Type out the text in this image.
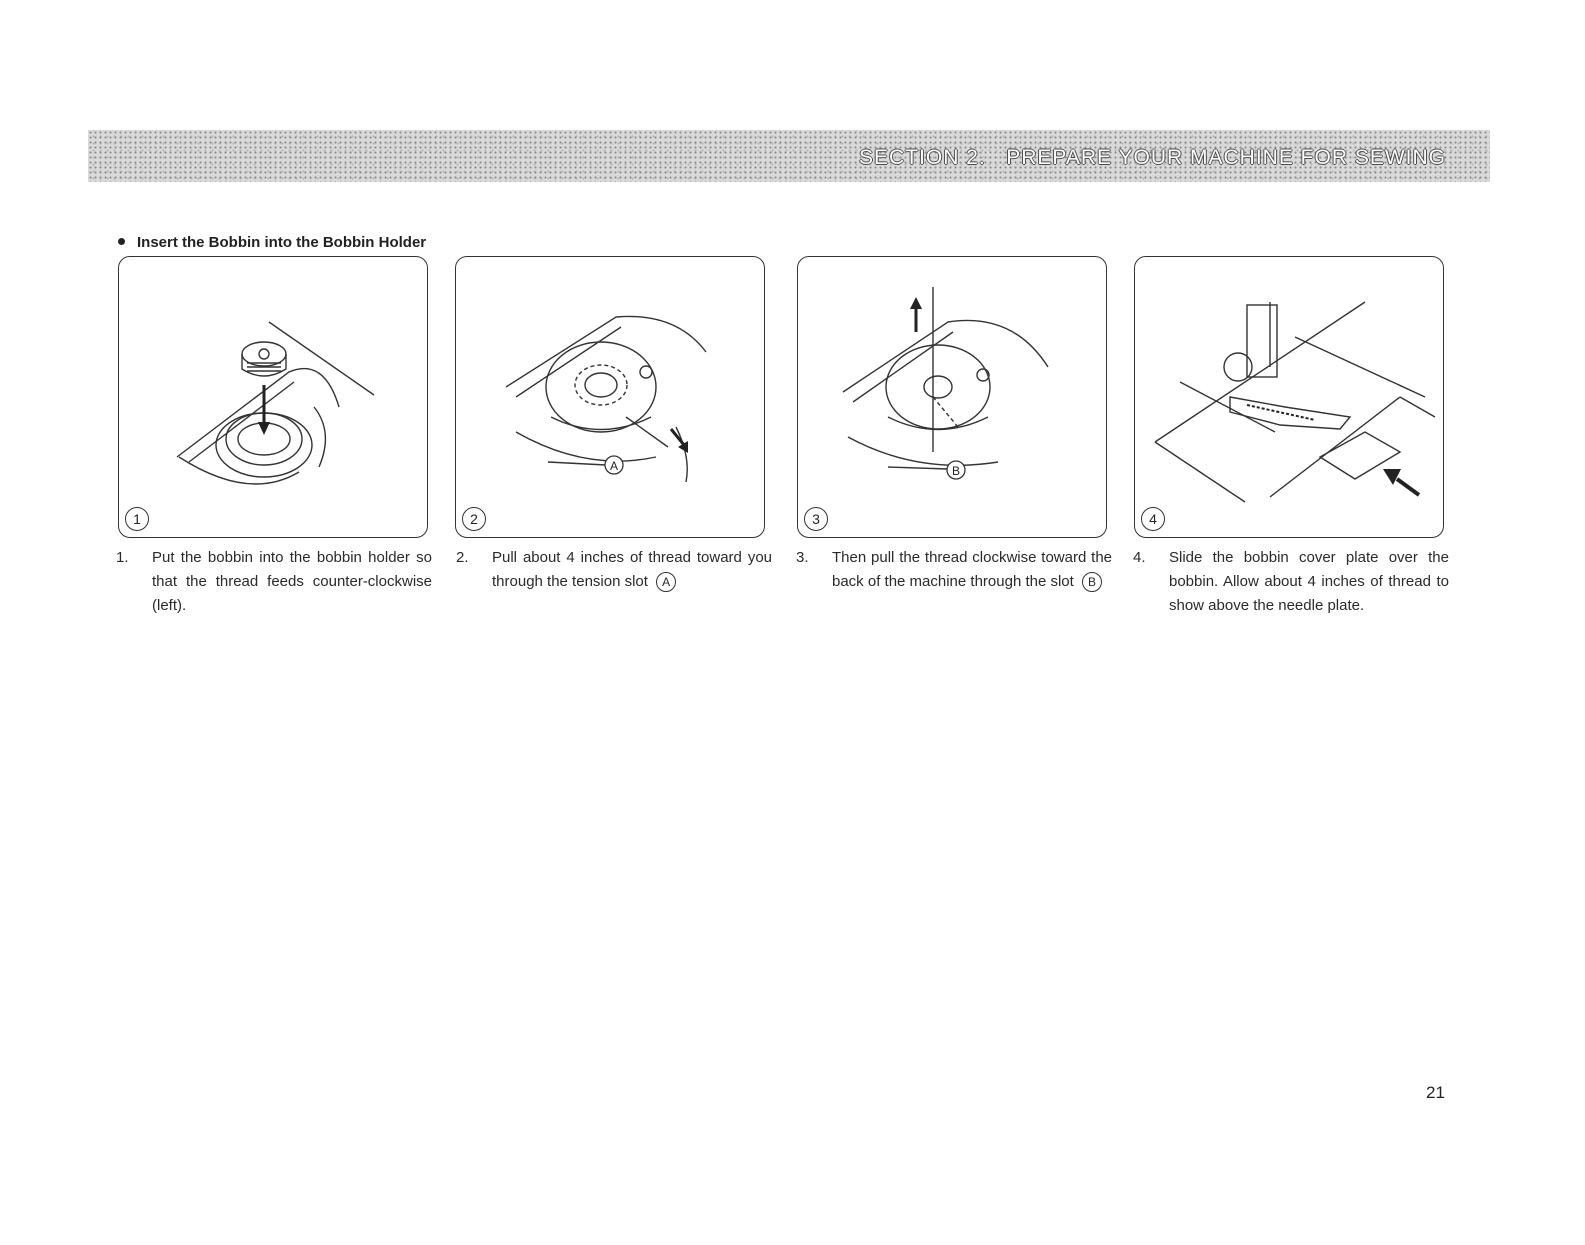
SECTION 2.   PREPARE YOUR MACHINE FOR SEWING
Insert the Bobbin into the Bobbin Holder
1
A
2
B
3	4
1. Put the bobbin into the bobbin holder so that the thread feeds counter-clockwise (left).
2. Pull about 4 inches of thread toward you through the tension slot A
3. Then pull the thread clockwise toward the back of the machine through the slot B
4. Slide the bobbin cover plate over the bobbin. Allow about 4 inches of thread to show above the needle plate.
21
